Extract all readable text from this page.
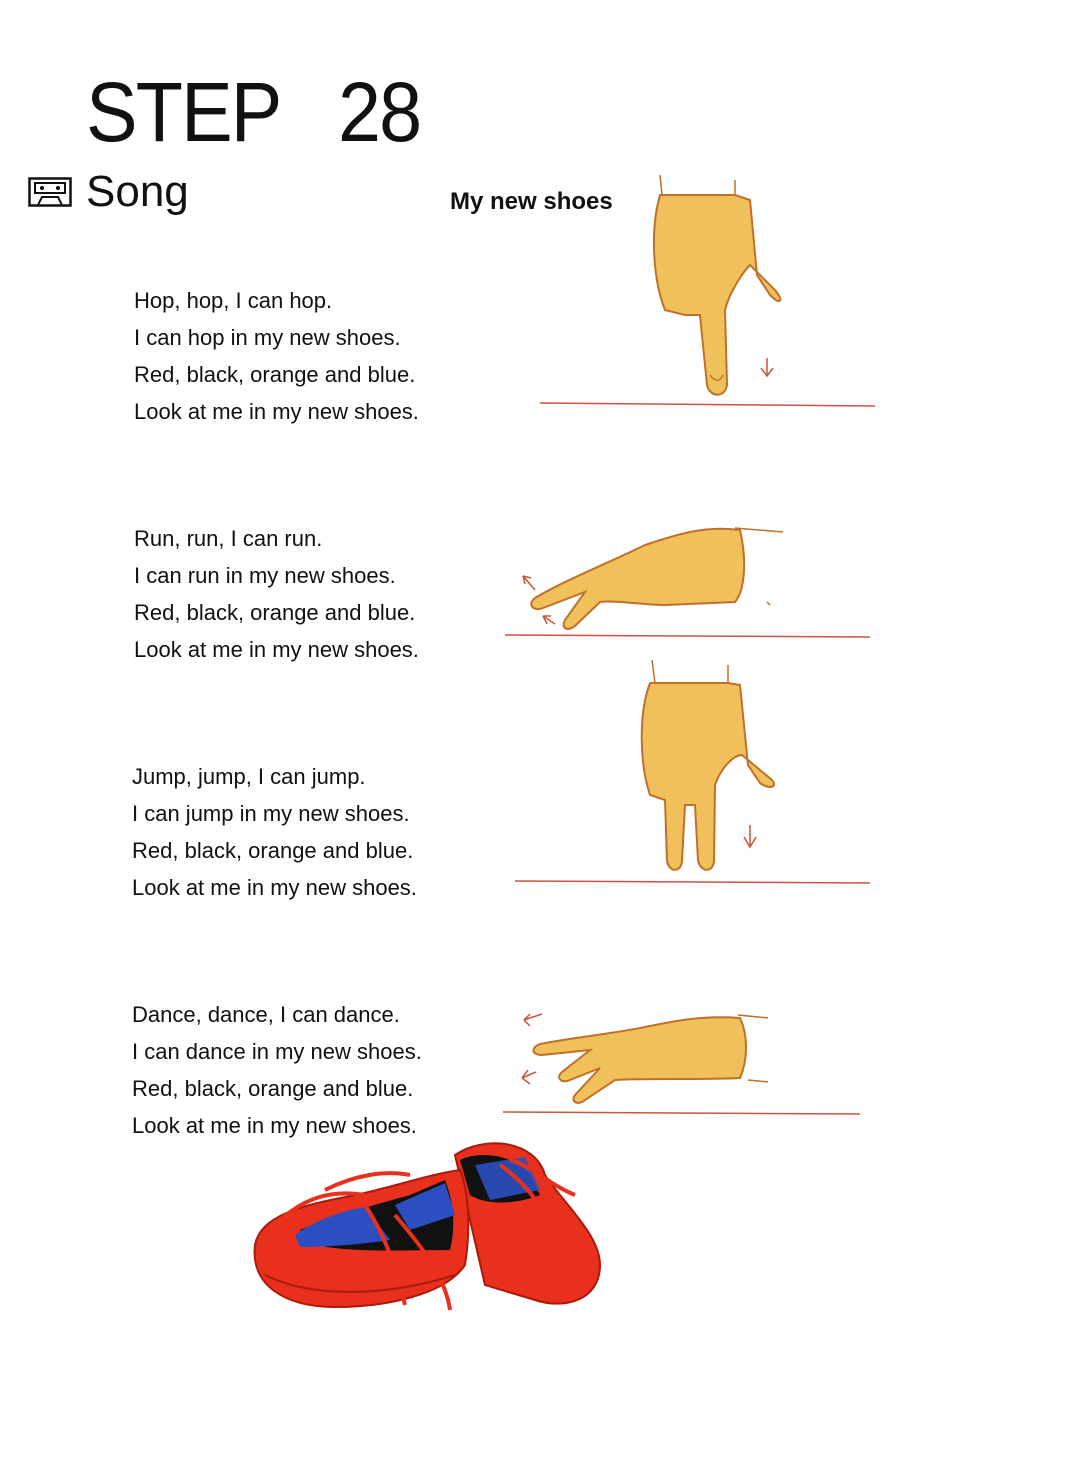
STEP   28
Song	My new shoes
Hop, hop, I can hop.
I can hop in my new shoes.
Red, black, orange and blue.
Look at me in my new shoes.
Run, run, I can run.
I can run in my new shoes.
Red, black, orange and blue.
Look at me in my new shoes.
Jump, jump, I can jump.
I can jump in my new shoes.
Red, black, orange and blue.
Look at me in my new shoes.
Dance, dance, I can dance.
I can dance in my new shoes.
Red, black, orange and blue.
Look at me in my new shoes.
